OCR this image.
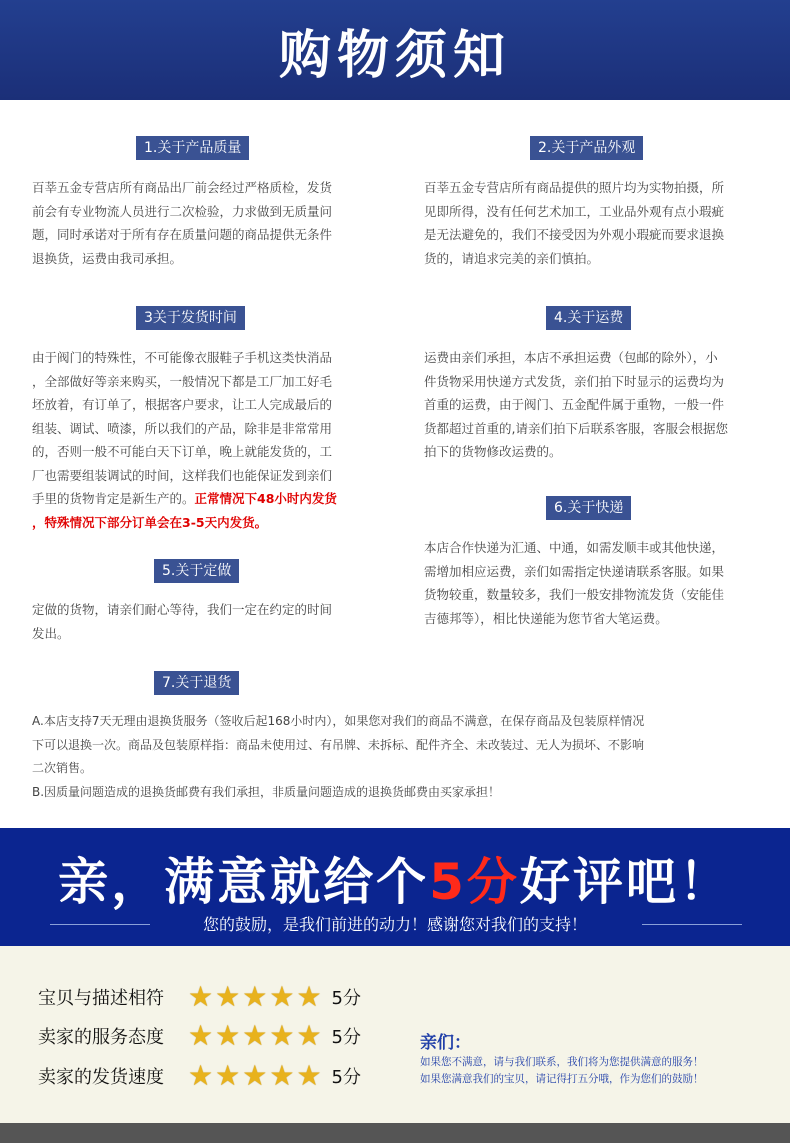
购物须知
1.关于产品质量
百莘五金专营店所有商品出厂前会经过严格质检，发货
前会有专业物流人员进行二次检验，力求做到无质量问
题，同时承诺对于所有存在质量问题的商品提供无条件
退换货，运费由我司承担。
2.关于产品外观
百莘五金专营店所有商品提供的照片均为实物拍摄，所
见即所得，没有任何艺术加工，工业品外观有点小瑕疵
是无法避免的，我们不接受因为外观小瑕疵而要求退换
货的，请追求完美的亲们慎拍。
3关于发货时间
由于阀门的特殊性，不可能像衣服鞋子手机这类快消品
，全部做好等亲来购买，一般情况下都是工厂加工好毛
坯放着，有订单了，根据客户要求，让工人完成最后的
组装、调试、喷漆，所以我们的产品，除非是非常常用
的，否则一般不可能白天下订单，晚上就能发货的，工
厂也需要组装调试的时间，这样我们也能保证发到亲们
手里的货物肯定是新生产的。正常情况下48小时内发货
，特殊情况下部分订单会在3-5天内发货。
4.关于运费
运费由亲们承担，本店不承担运费（包邮的除外），小
件货物采用快递方式发货，亲们拍下时显示的运费均为
首重的运费，由于阀门、五金配件属于重物，一般一件
货都超过首重的,请亲们拍下后联系客服，客服会根据您
拍下的货物修改运费的。
6.关于快递
本店合作快递为汇通、中通，如需发顺丰或其他快递，
需增加相应运费，亲们如需指定快递请联系客服。如果
货物较重，数量较多，我们一般安排物流发货（安能佳
吉德邦等），相比快递能为您节省大笔运费。
5.关于定做
定做的货物，请亲们耐心等待，我们一定在约定的时间
发出。
7.关于退货
A.本店支持7天无理由退换货服务（签收后起168小时内），如果您对我们的商品不满意，在保存商品及包装原样情况
下可以退换一次。商品及包装原样指：商品未使用过、有吊牌、未拆标、配件齐全、未改装过、无人为损坏、不影响
二次销售。
B.因质量问题造成的退换货邮费有我们承担，非质量问题造成的退换货邮费由买家承担！
亲，满意就给个5分好评吧！
您的鼓励，是我们前进的动力！感谢您对我们的支持！
宝贝与描述相符 ★ ★ ★ ★ ★ 5分
卖家的服务态度 ★ ★ ★ ★ ★ 5分
卖家的发货速度 ★ ★ ★ ★ ★ 5分
亲们：
如果您不满意，请与我们联系，我们将为您提供满意的服务！
如果您满意我们的宝贝，请记得打五分哦，作为您们的鼓励！
